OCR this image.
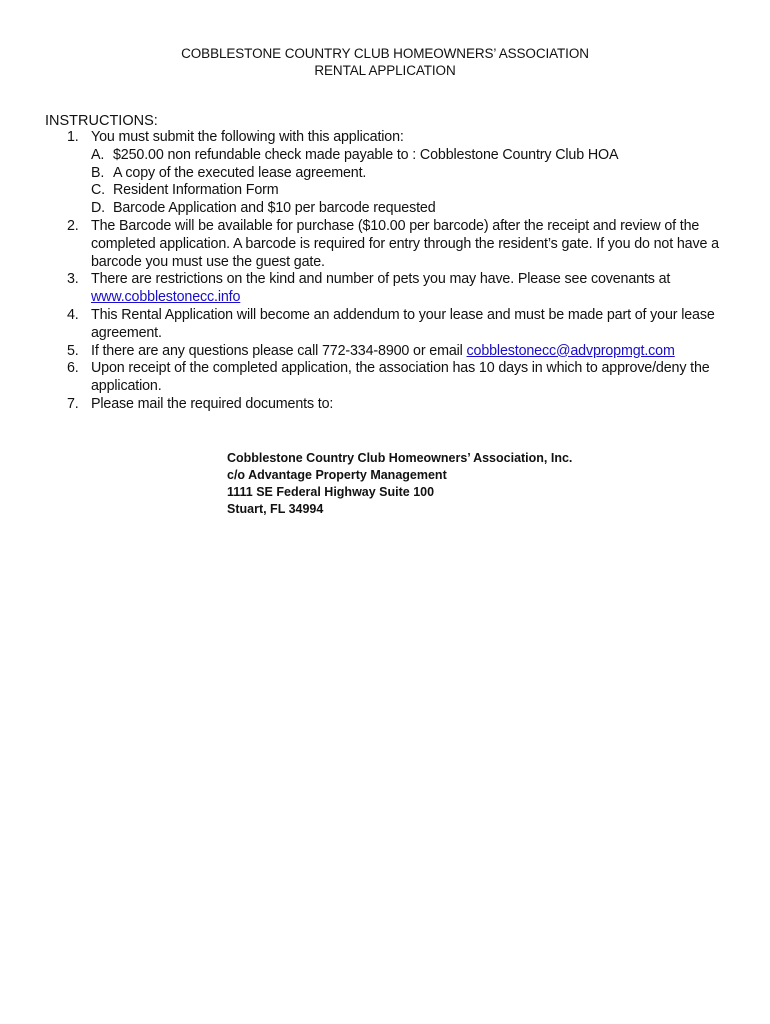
COBBLESTONE COUNTRY CLUB HOMEOWNERS’ ASSOCIATION
RENTAL APPLICATION
INSTRUCTIONS:
1. You must submit the following with this application:
A. $250.00 non refundable check made payable to : Cobblestone Country Club HOA
B. A copy of the executed lease agreement.
C. Resident Information Form
D. Barcode Application and $10 per barcode requested
2. The Barcode will be available for purchase ($10.00 per barcode) after the receipt and review of the completed application. A barcode is required for entry through the resident’s gate. If you do not have a barcode you must use the guest gate.
3. There are restrictions on the kind and number of pets you may have. Please see covenants at
www.cobblestonecc.info
4. This Rental Application will become an addendum to your lease and must be made part of your lease agreement.
5. If there are any questions please call 772-334-8900 or email cobblestonecc@advpropmgt.com
6. Upon receipt of the completed application, the association has 10 days in which to approve/deny the application.
7. Please mail the required documents to:
Cobblestone Country Club Homeowners’ Association, Inc.
c/o Advantage Property Management
1111 SE Federal Highway Suite 100
Stuart, FL 34994
